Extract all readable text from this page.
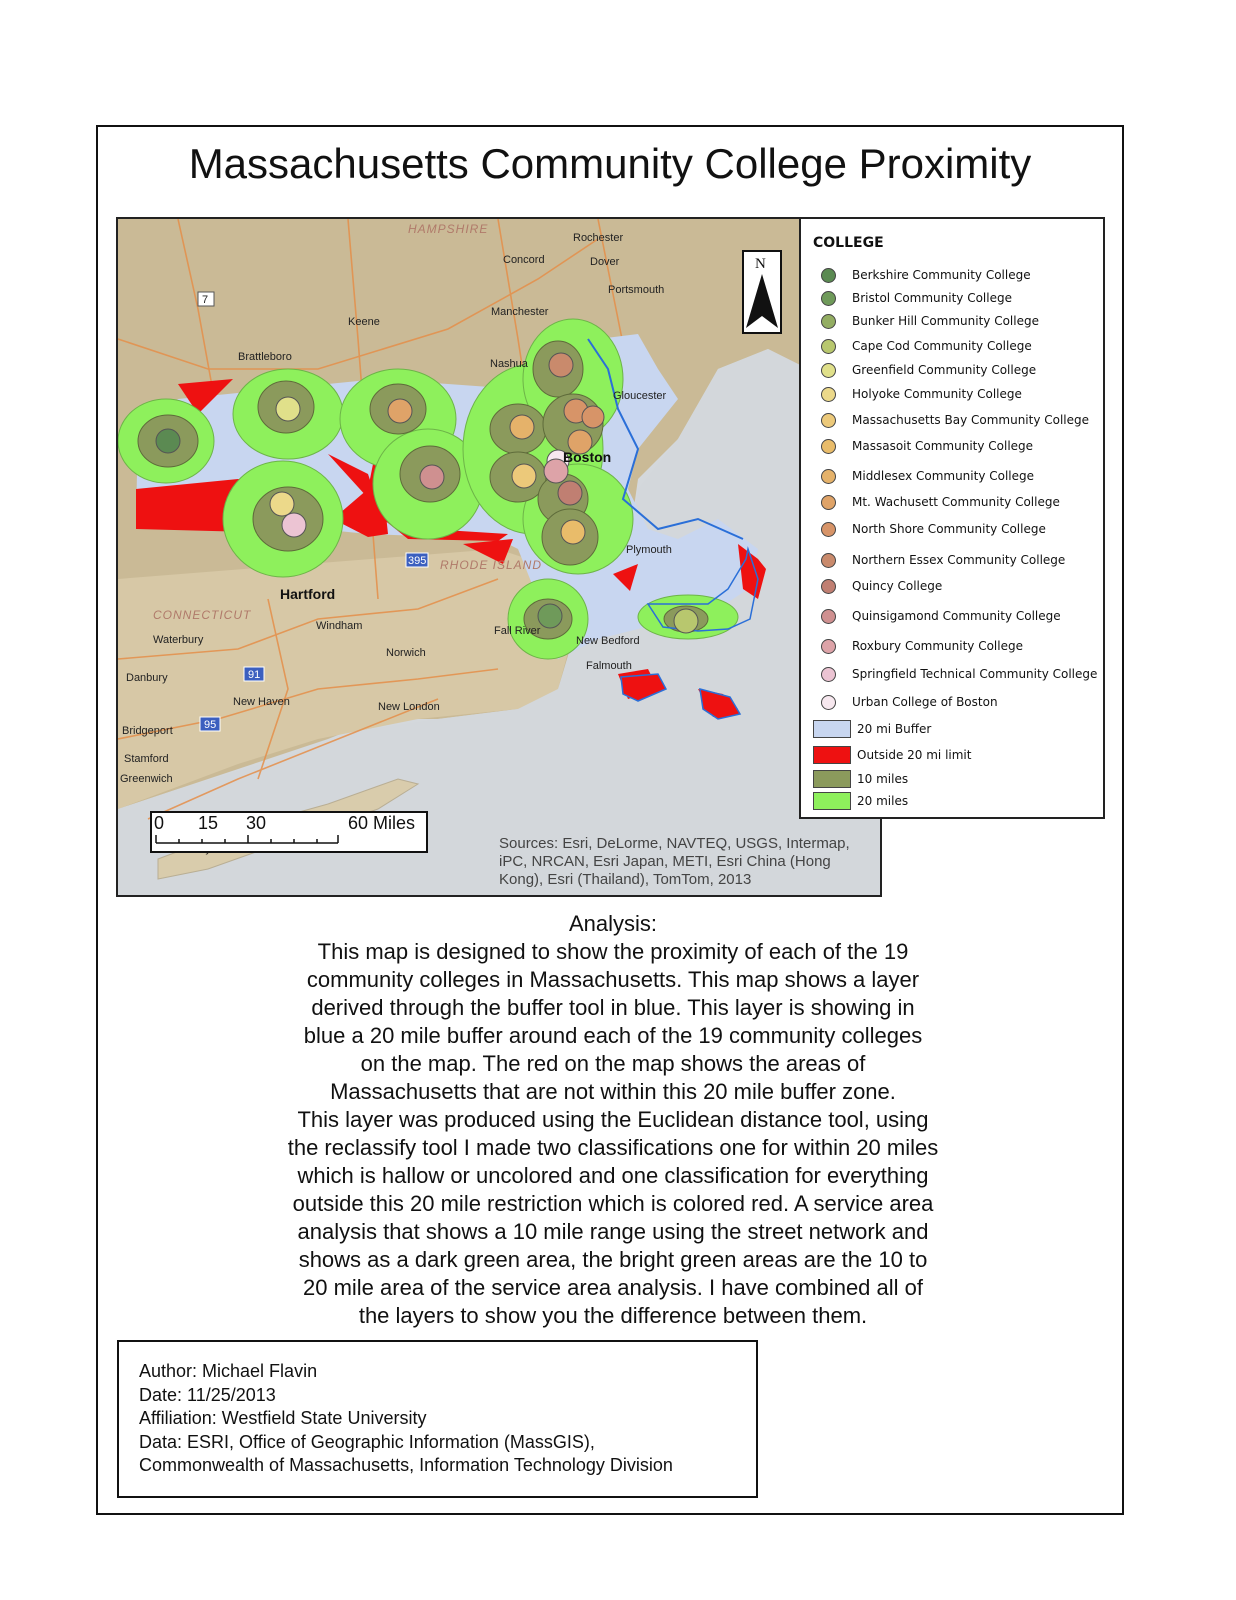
Massachusetts Community College Proximity
HAMPSHIRE
Concord
Rochester
Dover
Portsmouth
Manchester
Keene
Brattleboro
Nashua
Gloucester
Boston
Plymouth
RHODE ISLAND
CONNECTICUT
Hartford
Windham
Waterbury
Norwich
Danbury
New Haven	New London
Bridgeport
Stamford
Greenwich
Fall River
New Bedford
Falmouth
7
395
91
95
Sources: Esri, DeLorme, NAVTEQ, USGS, Intermap, iPC, NRCAN, Esri Japan, METI, Esri China (Hong Kong), Esri (Thailand), TomTom, 2013
N
0 15 30	60 Miles
COLLEGE
Berkshire Community College
Bristol Community College
Bunker Hill Community College
Cape Cod Community College
Greenfield Community College
Holyoke Community College
Massachusetts Bay Community College
Massasoit Community College
Middlesex Community College
Mt. Wachusett Community College
North Shore Community College
Northern Essex Community College
Quincy College
Quinsigamond Community College
Roxbury Community College
Springfield Technical Community College
Urban College of Boston
20 mi Buffer
Outside 20 mi limit
10 miles
20 miles

Analysis:

This map is designed to show the proximity of each of the 19

community colleges in Massachusetts. This map shows a layer

derived through the buffer tool in blue. This layer is showing in

blue a 20 mile buffer around each of the 19 community colleges

on the map. The red on the map shows the areas of

Massachusetts that are not within this 20 mile buffer zone.

This layer was produced using the Euclidean distance tool, using

the reclassify tool I made two classifications one for within 20 miles

which is hallow or uncolored and one classification for everything

outside this 20 mile restriction which is colored red. A service area

analysis that shows a 10 mile range using the street network and

shows as a dark green area, the bright green areas are the 10 to

20 mile area of the service area analysis. I have combined all of

the layers to show you the difference between them.

Author: Michael Flavin
Date: 11/25/2013
Affiliation: Westfield State University
Data: ESRI, Office of Geographic Information (MassGIS),
Commonwealth of Massachusetts, Information Technology Division
